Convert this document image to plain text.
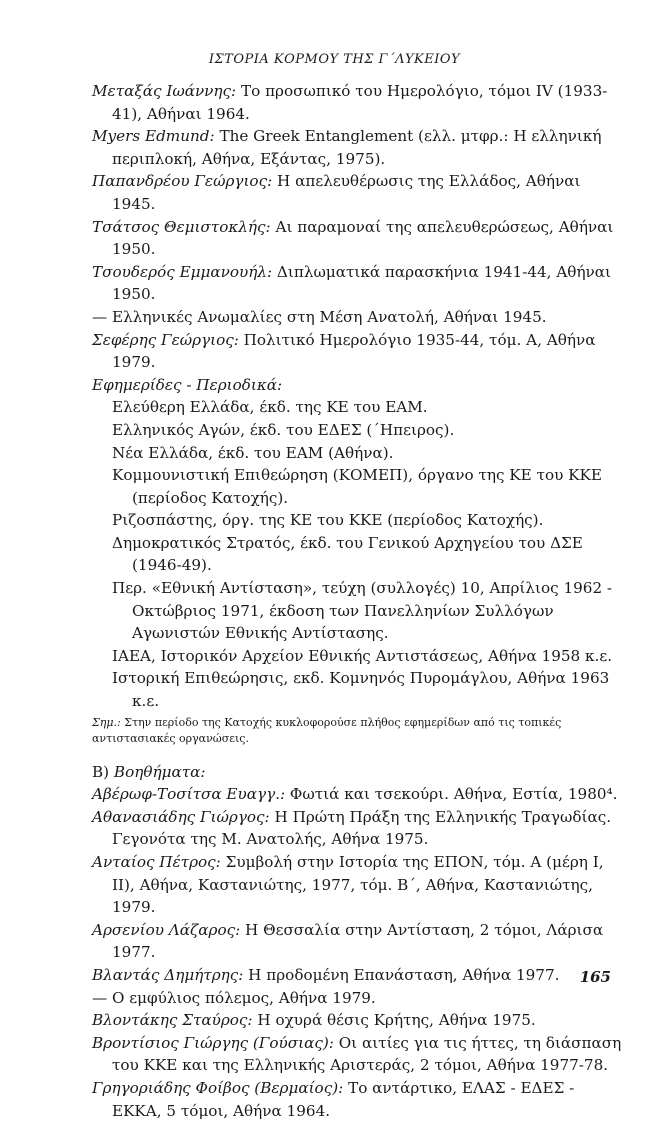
ΙΣΤΟΡΙΑ ΚΟΡΜΟΥ ΤΗΣ Γ΄ΛΥΚΕΙΟΥ

Μεταξάς Ιωάννης: Το προσωπικό του Ημερολόγιο, τόμοι IV (1933-41), Αθήναι 1964.

Myers Edmund: The Greek Entanglement (ελλ. μτφρ.: Η ελληνική περιπλοκή, Αθήνα, Εξάντας, 1975).

Παπανδρέου Γεώργιος: Η απελευθέρωσις της Ελλάδος, Αθήναι 1945.

Τσάτσος Θεμιστοκλής: Αι παραμοναί της απελευθερώσεως, Αθήναι 1950.

Τσουδερός Εμμανουήλ: Διπλωματικά παρασκήνια 1941-44, Αθήναι 1950.

— Ελληνικές Ανωμαλίες στη Μέση Ανατολή, Αθήναι 1945.

Σεφέρης Γεώργιος: Πολιτικό Ημερολόγιο 1935-44, τόμ. Α, Αθήνα 1979.

Εφημερίδες - Περιοδικά:

Ελεύθερη Ελλάδα, έκδ. της ΚΕ του ΕΑΜ.

Ελληνικός Αγών, έκδ. του ΕΔΕΣ (΄Ηπειρος).

Νέα Ελλάδα, έκδ. του ΕΑΜ (Αθήνα).

Κομμουνιστική Επιθεώρηση (ΚΟΜΕΠ), όργανο της ΚΕ του ΚΚΕ (περίοδος Κατοχής).

Ριζοσπάστης, όργ. της ΚΕ του ΚΚΕ (περίοδος Κατοχής).

Δημοκρατικός Στρατός, έκδ. του Γενικού Αρχηγείου του ΔΣΕ (1946-49).

Περ. «Εθνική Αντίσταση», τεύχη (συλλογές) 10, Απρίλιος 1962 - Οκτώβριος 1971, έκδοση των Πανελληνίων Συλλόγων Αγωνιστών Εθνικής Αντίστασης.

ΙΑΕΑ, Ιστορικόν Αρχείον Εθνικής Αντιστάσεως, Αθήνα 1958 κ.ε.

Ιστορική Επιθεώρησις, εκδ. Κομνηνός Πυρομάγλου, Αθήνα 1963 κ.ε.

Σημ.: Στην περίοδο της Κατοχής κυκλοφορούσε πλήθος εφημερίδων από τις τοπικές αντιστασιακές οργανώσεις.

Β) Βοηθήματα:

Αβέρωφ-Τοσίτσα Ευαγγ.: Φωτιά και τσεκούρι. Αθήνα, Εστία, 1980⁴.

Αθανασιάδης Γιώργος: Η Πρώτη Πράξη της Ελληνικής Τραγωδίας. Γεγονότα της Μ. Ανατολής, Αθήνα 1975.

Ανταίος Πέτρος: Συμβολή στην Ιστορία της ΕΠΟΝ, τόμ. Α (μέρη Ι, ΙΙ), Αθήνα, Καστανιώτης, 1977, τόμ. Β΄, Αθήνα, Καστανιώτης, 1979.

Αρσενίου Λάζαρος: Η Θεσσαλία στην Αντίσταση, 2 τόμοι, Λάρισα 1977.

Βλαντάς Δημήτρης: Η προδομένη Επανάσταση, Αθήνα 1977.

— Ο εμφύλιος πόλεμος, Αθήνα 1979.

Βλοντάκης Σταύρος: Η οχυρά θέσις Κρήτης, Αθήνα 1975.

Βροντίσιος Γιώργης (Γούσιας): Οι αιτίες για τις ήττες, τη διάσπαση του ΚΚΕ και της Ελληνικής Αριστεράς, 2 τόμοι, Αθήνα 1977-78.

Γρηγοριάδης Φοίβος (Βερμαίος): Το αντάρτικο, ΕΛΑΣ - ΕΔΕΣ - ΕΚΚΑ, 5 τόμοι, Αθήνα 1964.

165
